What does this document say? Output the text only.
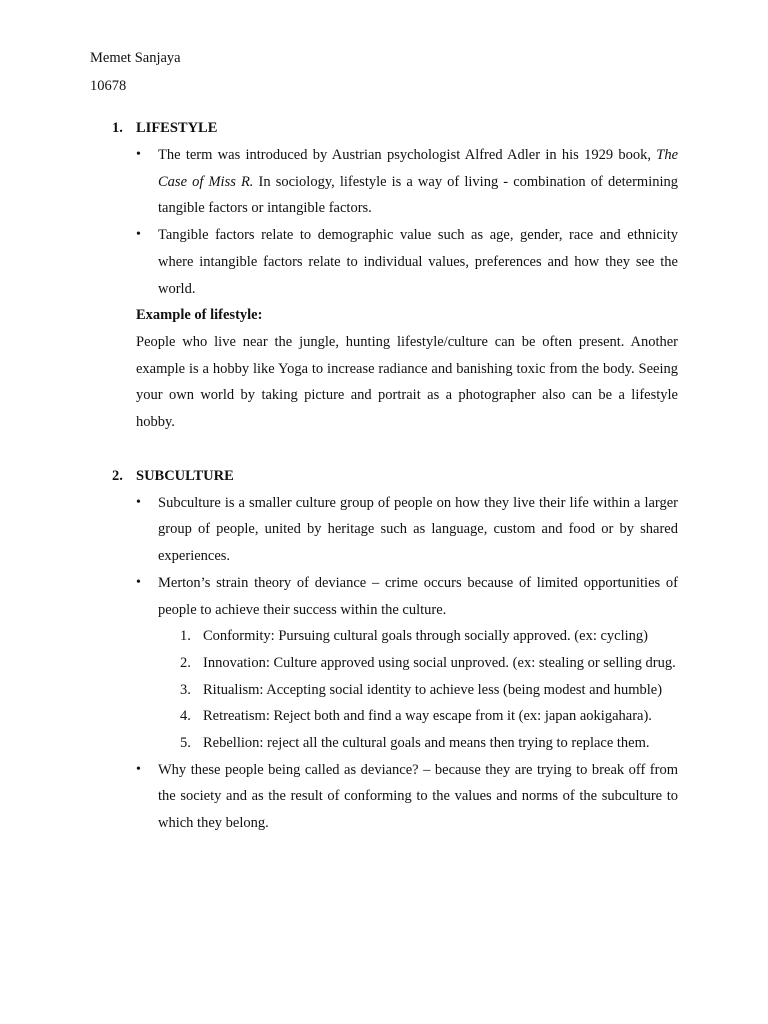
Memet Sanjaya
10678
1. LIFESTYLE
• The term was introduced by Austrian psychologist Alfred Adler in his 1929 book, The Case of Miss R. In sociology, lifestyle is a way of living - combination of determining tangible factors or intangible factors.
• Tangible factors relate to demographic value such as age, gender, race and ethnicity where intangible factors relate to individual values, preferences and how they see the world.
Example of lifestyle:
People who live near the jungle, hunting lifestyle/culture can be often present. Another example is a hobby like Yoga to increase radiance and banishing toxic from the body. Seeing your own world by taking picture and portrait as a photographer also can be a lifestyle hobby.
2. SUBCULTURE
• Subculture is a smaller culture group of people on how they live their life within a larger group of people, united by heritage such as language, custom and food or by shared experiences.
• Merton’s strain theory of deviance – crime occurs because of limited opportunities of people to achieve their success within the culture.
1. Conformity: Pursuing cultural goals through socially approved. (ex: cycling)
2. Innovation: Culture approved using social unproved. (ex: stealing or selling drug.
3. Ritualism: Accepting social identity to achieve less (being modest and humble)
4. Retreatism: Reject both and find a way escape from it (ex: japan aokigahara).
5. Rebellion: reject all the cultural goals and means then trying to replace them.
• Why these people being called as deviance? – because they are trying to break off from the society and as the result of conforming to the values and norms of the subculture to which they belong.
